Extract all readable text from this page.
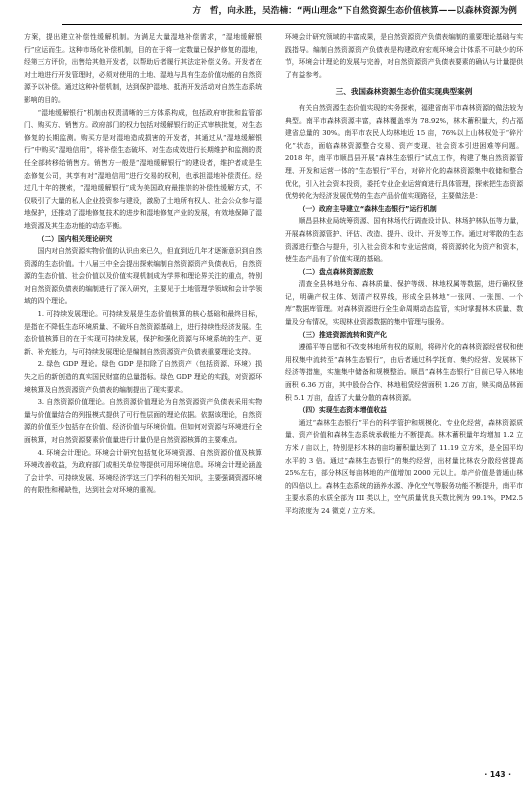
方　哲，向永胜，吴浩楠：“两山理念”下自然资源生态价值核算——以森林资源为例

方案，提出建立补偿性缓解机制。为满足大量湿地补偿需求，“湿地缓解银行”应运而生。这种市场化补偿机制，目的在于将一定数量已保护修复的湿地，经第三方评价，出售给其他开发者，以帮助后者履行其法定补偿义务。开发者在对土地进行开发管理时，必须对使用的土地、湿地与具有生态价值功能的自然资源予以补偿。通过这种补偿机制，达到保护湿地、抵消开发活动对自然生态系统影响的目的。

“湿地缓解银行”机制由权责清晰的三方体系构成，包括政府审批和监管部门、购买方、销售方。政府部门的权力包括对缓解银行的正式审核批复，对生态修复的长期监测。购买方是对湿地造成损害的开发者，其通过从“湿地缓解银行”中购买“湿地信用”，将补偿生态破坏、对生态成效进行长期维护和监测的责任全部转移给销售方。销售方一般是“湿地缓解银行”的建设者，维护者或是生态修复公司，其享有对“湿地信用”进行交易的权利，也承担湿地补偿责任。经过几十年的摸索，“湿地缓解银行”成为美国政府最推崇的补偿性缓解方式，不仅吸引了大量的私人企业投资参与建设，激励了土地所有权人、社会公众参与湿地保护，还推动了湿地修复技术的进步和湿地修复产业的发展，有效地保障了湿地资源及其生态功能的动态平衡。

（二）国内相关理论研究

国内对自然资源实物价值的认识由来已久，但直到近几年才逐渐意识到自然资源的生态价值。十八届三中全会提出探索编制自然资源资产负债表后，自然资源的生态价值、社会价值以及价值实现机制成为学界和理论界关注的重点，特别对自然资源负债表的编制进行了深入研究，主要见于土地管理学领域和会计学领域的四个理论。

1. 可持续发展理论。可持续发展是生态价值核算的核心基础和最终目标，是指在不降低生态环境质量、不破坏自然资源基础上，进行持续性经济发展。生态价值核算目的在于实现可持续发展，保护和强化资源与环境系统的生产、更新、补充能力，与可持续发展理论是编制自然资源资产负债表重要理论支持。

2. 绿色 GDP 理论。绿色 GDP 是扣除了自然资产（包括资源、环境）损失之后的新创造的真实国民财富的总量指标。绿色 GDP 理论的实践，对资源环境核算及自然资源资产负债表的编制提出了现实要求。

3. 自然资源价值理论。自然资源价值理论为自然资源资产负债表采用实物量与价值量结合的列报模式提供了可行性层面的理论依据。依据该理论，自然资源的价值至少包括存在价值、经济价值与环境价值。但如何对资源与环境进行全面核算，对自然资源要素价值量进行计量仍是自然资源核算的主要难点。

4. 环境会计理论。环境会计研究包括复化环境资源、自然资源价值及核算环境改善收益，为政府部门或相关单位等提供可用环境信息。环境会计理论涵盖了会计学、可持续发展、环境经济学这三门学科的相关知识，主要强调资源环境的有限性和稀缺性，达到社会对环境的重视。

环境会计研究领域的丰富成果，是自然资源资产负债表编制的重要理论基础与实践指导。编制自然资源资产负债表是构建政府宏观环境会计体系不可缺少的环节，环境会计理论的发展与完善，对自然资源资产负债表要素的确认与计量提供了有益参考。

三、我国森林资源生态价值实现典型案例

有关自然资源生态价值实现的实务探索，福建省南平市森林资源的做法较为典型。南平市森林资源丰富，森林覆盖率为 78.92%，林木蓄积量大，约占福建省总量的 30%。南平市农民人均林地近 15 亩，76%以上山林权处于“碎片化”状态，面临森林资源整合交易、资产变现、社会资本引进困难等问题。2018 年，南平市顺昌县开展“森林生态银行”试点工作，构建了集自然资源管理、开发和运营一体的“生态银行”平台，对碎片化的森林资源集中收储和整合优化，引入社会资本投资，委托专业企业运营商进行具体管理，探索把生态资源优势转化为经济发展优势的生态产品价值实现路径，主要做法是：

（一）政府主导建立“森林生态银行”运行机制

顺昌县林业局统筹资源、国有林场代行调查设计队、林场护林队伍等力量，开展森林资源管护、评估、改造、提升、设计、开发等工作。通过对零散的生态资源进行整合与提升，引入社会资本和专业运营商，将资源转化为资产和资本，使生态产品有了价值实现的基础。

（二）盘点森林资源底数

清查全县林地分布、森林质量、保护等级、林地权属等数据，进行确权登记，明确产权主体、划清产权界线，形成全县林地“一张网、一张图、一个库”数据库管理。对森林资源进行全生命周期动态监管，实时掌握林木质量、数量及分布情况，实现林业资源数据的集中管理与服务。

（三）推进资源流转和资产化

遵循平等自愿和不改变林地所有权的原则，将碎片化的森林资源经营权和使用权集中流转至“森林生态银行”，由后者通过科学抚育、集约经营、发展林下经济等措施，实施集中储备和规模整治。顺昌“森林生态银行”目前已导入林地面积 6.36 万亩，其中股份合作、林地租赁经营面积 1.26 万亩，赎买商品林面积 5.1 万亩，盘活了大量分散的森林资源。

（四）实现生态资本增值收益

通过“森林生态银行”平台的科学管护和规模化、专业化经营，森林资源质量、资产价值和森林生态系统承载能力不断提高。林木蓄积量年均增加 1.2 立方米 / 亩以上，特别是杉木林的亩均蓄积量达到了 11.19 立方米，是全国平均水平的 3 倍。通过“森林生态银行”的集约经营，出材量比林农分散经营提高 25%左右，部分林区每亩林地的产值增加 2000 元以上。单产价值是普通山林的四倍以上。森林生态系统的涵养水源、净化空气等服务功能不断提升，南平市主要水系的水质全部为 III 类以上，空气质量优良天数比例为 99.1%，PM2.5 平均浓度为 24 微克 / 立方米。

· 143 ·
